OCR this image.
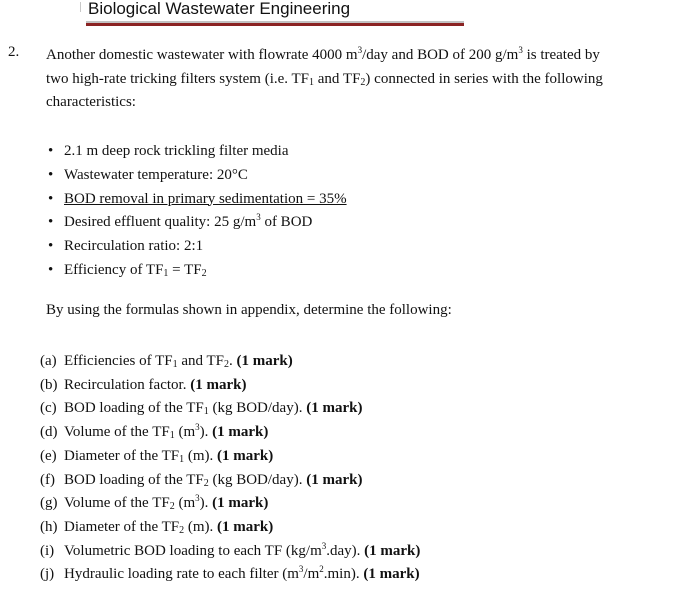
Biological Wastewater Engineering
2. Another domestic wastewater with flowrate 4000 $m^3$/day and BOD of 200 $g/m^3$ is treated by
two high-rate tricking filters system (i.e. $TF_1$ and $TF_2$) connected in series with the following
characteristics:
• 2.1 m deep rock trickling filter media
• Wastewater temperature: 20°C
• BOD removal in primary sedimentation = 35%
• Desired effluent quality: 25 $g/m^3$ of BOD
• Recirculation ratio: 2:1
• Efficiency of $TF_1 = TF_2$
By using the formulas shown in appendix, determine the following:
(a) Efficiencies of $TF_1$ and $TF_2$. (1 mark)
(b) Recirculation factor. (1 mark)
(c) BOD loading of the $TF_1$ (kg BOD/day). (1 mark)
(d) Volume of the $TF_1$ $(m^3)$. (1 mark)
(e) Diameter of the $TF_1$ (m). (1 mark)
(f) BOD loading of the $TF_2$ (kg BOD/day). (1 mark)
(g) Volume of the $TF_2$ $(m^3)$. (1 mark)
(h) Diameter of the $TF_2$ (m). (1 mark)
(i) Volumetric BOD loading to each TF $(kg/m^3.day)$. (1 mark)
(j) Hydraulic loading rate to each filter $(m^3/m^2.\min)$. (1 mark)
